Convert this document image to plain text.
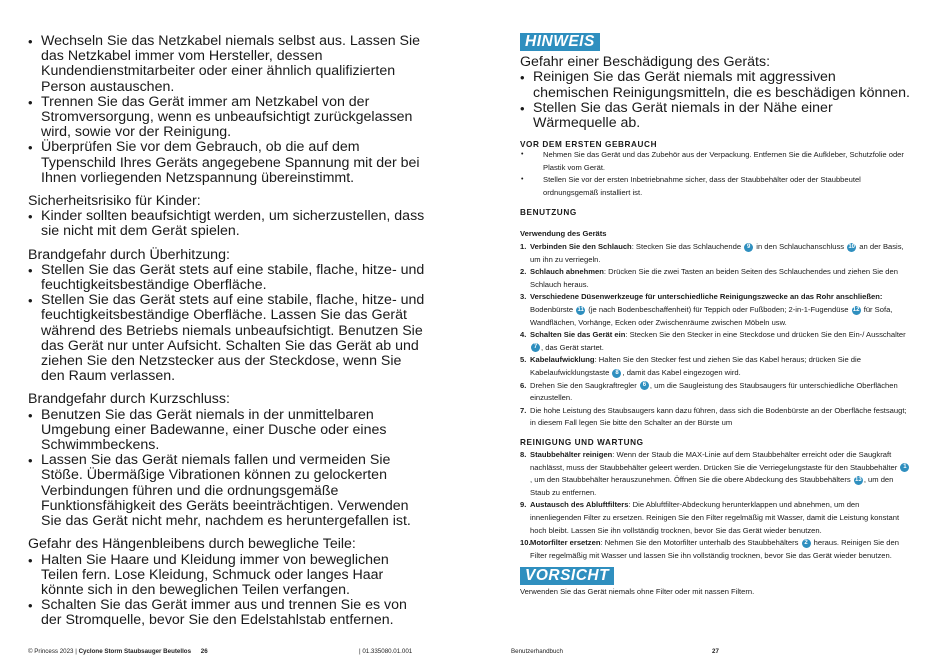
• Wechseln Sie das Netzkabel niemals selbst aus. Lassen Sie das Netzkabel immer vom Hersteller, dessen Kundendienstmitarbeiter oder einer ähnlich qualifizierten Person austauschen.
• Trennen Sie das Gerät immer am Netzkabel von der Stromversorgung, wenn es unbeaufsichtigt zurückgelassen wird, sowie vor der Reinigung.
• Überprüfen Sie vor dem Gebrauch, ob die auf dem Typenschild Ihres Geräts angegebene Spannung mit der bei Ihnen vorliegenden Netzspannung übereinstimmt.
Sicherheitsrisiko für Kinder:
• Kinder sollten beaufsichtigt werden, um sicherzustellen, dass sie nicht mit dem Gerät spielen.
Brandgefahr durch Überhitzung:
• Stellen Sie das Gerät stets auf eine stabile, flache, hitze- und feuchtigkeitsbeständige Oberfläche.
• Stellen Sie das Gerät stets auf eine stabile, flache, hitze- und feuchtigkeitsbeständige Oberfläche. Lassen Sie das Gerät während des Betriebs niemals unbeaufsichtigt. Benutzen Sie das Gerät nur unter Aufsicht. Schalten Sie das Gerät ab und ziehen Sie den Netzstecker aus der Steckdose, wenn Sie den Raum verlassen.
Brandgefahr durch Kurzschluss:
• Benutzen Sie das Gerät niemals in der unmittelbaren Umgebung einer Badewanne, einer Dusche oder eines Schwimmbeckens.
• Lassen Sie das Gerät niemals fallen und vermeiden Sie Stöße. Übermäßige Vibrationen können zu gelockerten Verbindungen führen und die ordnungsgemäße Funktionsfähigkeit des Geräts beeinträchtigen. Verwenden Sie das Gerät nicht mehr, nachdem es heruntergefallen ist.
Gefahr des Hängenbleibens durch bewegliche Teile:
• Halten Sie Haare und Kleidung immer von beweglichen Teilen fern. Lose Kleidung, Schmuck oder langes Haar könnte sich in den beweglichen Teilen verfangen.
• Schalten Sie das Gerät immer aus und trennen Sie es von der Stromquelle, bevor Sie den Edelstahlstab entfernen.
HINWEIS
Gefahr einer Beschädigung des Geräts:
• Reinigen Sie das Gerät niemals mit aggressiven chemischen Reinigungsmitteln, die es beschädigen können.
• Stellen Sie das Gerät niemals in der Nähe einer Wärmequelle ab.
VOR DEM ERSTEN GEBRAUCH
•	Nehmen Sie das Gerät und das Zubehör aus der Verpackung. Entfernen Sie die Aufkleber, Schutzfolie oder Plastik vom Gerät.
•	Stellen Sie vor der ersten Inbetriebnahme sicher, dass der Staubbehälter oder der Staubbeutel ordnungsgemäß installiert ist.
BENUTZUNG
Verwendung des Geräts
1. Verbinden Sie den Schlauch: Stecken Sie das Schlauchende 9 in den Schlauchanschluss 10 an der Basis, um ihn zu verriegeln.
2. Schlauch abnehmen: Drücken Sie die zwei Tasten an beiden Seiten des Schlauchendes und ziehen Sie den Schlauch heraus.
3. Verschiedene Düsenwerkzeuge für unterschiedliche Reinigungszwecke an das Rohr anschließen: Bodenbürste 11 (je nach Bodenbeschaffenheit) für Teppich oder Fußboden; 2-in-1-Fugendüse 12 für Sofa, Wandflächen, Vorhänge, Ecken oder Zwischenräume zwischen Möbeln usw.
4. Schalten Sie das Gerät ein: Stecken Sie den Stecker in eine Steckdose und drücken Sie den Ein-/ Ausschalter 7 , das Gerät startet.
5. Kabelaufwicklung: Halten Sie den Stecker fest und ziehen Sie das Kabel heraus; drücken Sie die Kabelaufwicklungstaste 8 , damit das Kabel eingezogen wird.
6. Drehen Sie den Saugkraftregler 6 , um die Saugleistung des Staubsaugers für unterschiedliche Oberflächen einzustellen.
7. Die hohe Leistung des Staubsaugers kann dazu führen, dass sich die Bodenbürste an der Oberfläche festsaugt; in diesem Fall legen Sie bitte den Schalter an der Bürste um
REINIGUNG UND WARTUNG
8. Staubbehälter reinigen: Wenn der Staub die MAX-Linie auf dem Staubbehälter erreicht oder die Saugkraft nachlässt, muss der Staubbehälter geleert werden. Drücken Sie die Verriegelungstaste für den Staubbehälter 1, um den Staubbehälter herauszunehmen. Öffnen Sie die obere Abdeckung des Staubbehälters 13 , um den Staub zu entfernen.
9. Austausch des Abluftfilters: Die Abluftfilter-Abdeckung herunterklappen und abnehmen, um den innenliegenden Filter zu ersetzen. Reinigen Sie den Filter regelmäßig mit Wasser, damit die Leistung konstant hoch bleibt. Lassen Sie ihn vollständig trocknen, bevor Sie das Gerät wieder benutzen.
10. Motorfilter ersetzen: Nehmen Sie den Motorfilter unterhalb des Staubbehälters 2 heraus. Reinigen Sie den Filter regelmäßig mit Wasser und lassen Sie ihn vollständig trocknen, bevor Sie das Gerät wieder benutzen.
VORSICHT
Verwenden Sie das Gerät niemals ohne Filter oder mit nassen Filtern.
© Princess 2023 | Cyclone Storm Staubsauger Beutellos 26	| 01.335080.01.001	Benutzerhandbuch	27
